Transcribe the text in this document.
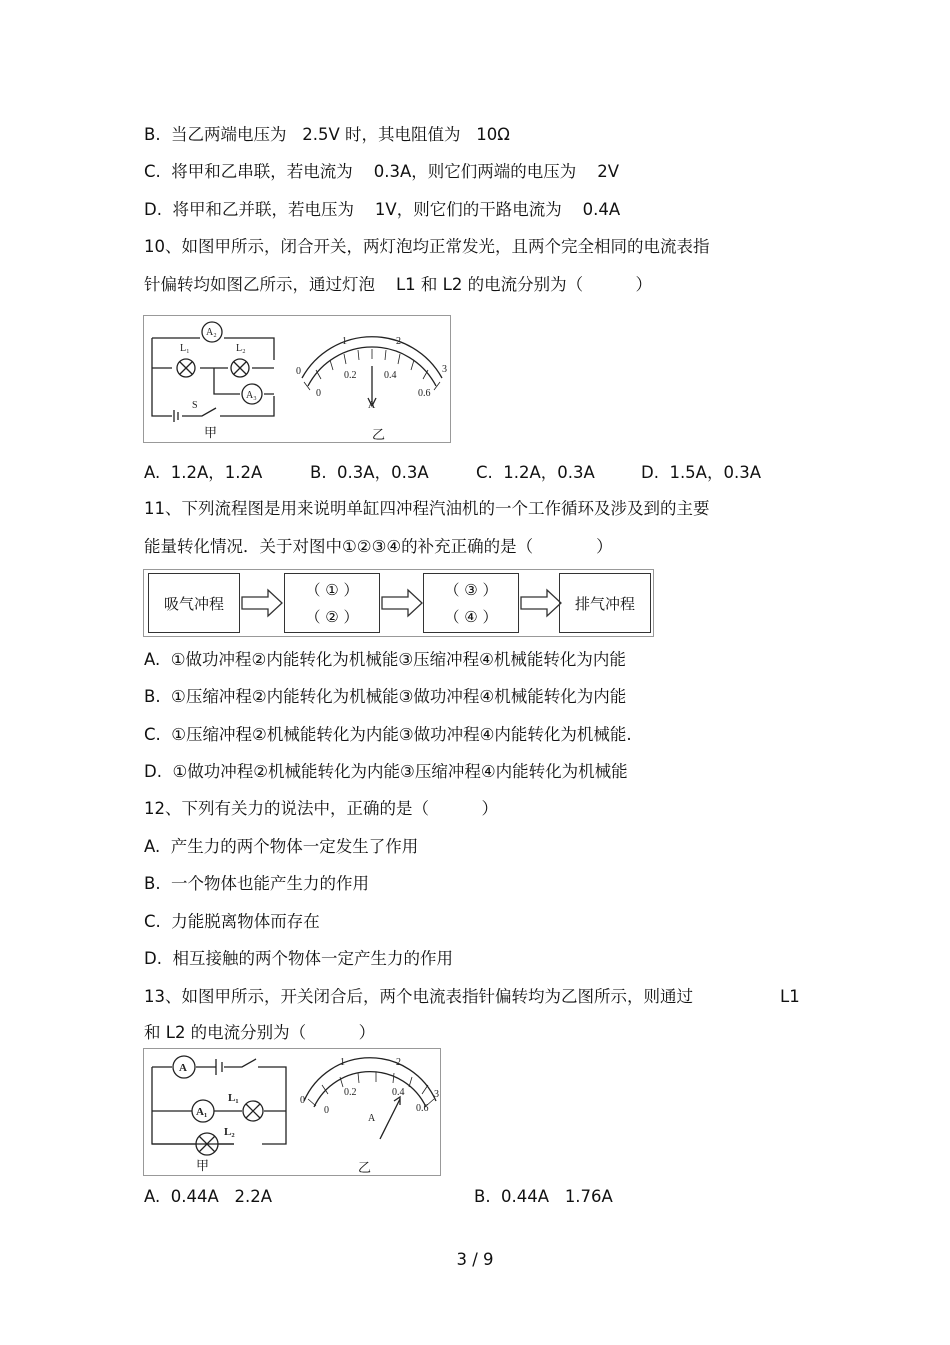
B.  当乙两端电压为   2.5V 时，其电阻值为   10Ω
C.  将甲和乙串联，若电流为    0.3A，则它们两端的电压为    2V
D.  将甲和乙并联，若电压为    1V，则它们的干路电流为    0.4A
10、如图甲所示，闭合开关，两灯泡均正常发光，且两个完全相同的电流表指
针偏转均如图乙所示，通过灯泡    L1 和 L2 的电流分别为（          ）
A₂
L₁	L₂
A₃
S
0
1	2
3
0
0.2	0.4
0.6
A
甲	乙
A.  1.2A，1.2A	B.  0.3A，0.3A	C.  1.2A，0.3A	D.  1.5A，0.3A
11、下列流程图是用来说明单缸四冲程汽油机的一个工作循环及涉及到的主要
能量转化情况．关于对图中①②③④的补充正确的是（            ）
吸气冲程
（ ① ）
（ ② ）
（ ③ ）
（ ④ ）
排气冲程
A.  ①做功冲程②内能转化为机械能③压缩冲程④机械能转化为内能
B.  ①压缩冲程②内能转化为机械能③做功冲程④机械能转化为内能
C.  ①压缩冲程②机械能转化为内能③做功冲程④内能转化为机械能.
D.  ①做功冲程②机械能转化为内能③压缩冲程④内能转化为机械能
12、下列有关力的说法中，正确的是（          ）
A.  产生力的两个物体一定发生了作用
B.  一个物体也能产生力的作用
C.  力能脱离物体而存在
D.  相互接触的两个物体一定产生力的作用
13、如图甲所示，开关闭合后，两个电流表指针偏转均为乙图所示，则通过	L1
和 L2 的电流分别为（          ）
A
A₁
L₁
L₂
0
1	2
3
0
0.2	0.4
0.6
A
甲	乙
A.  0.44A   2.2A	B.  0.44A   1.76A
3 / 9
